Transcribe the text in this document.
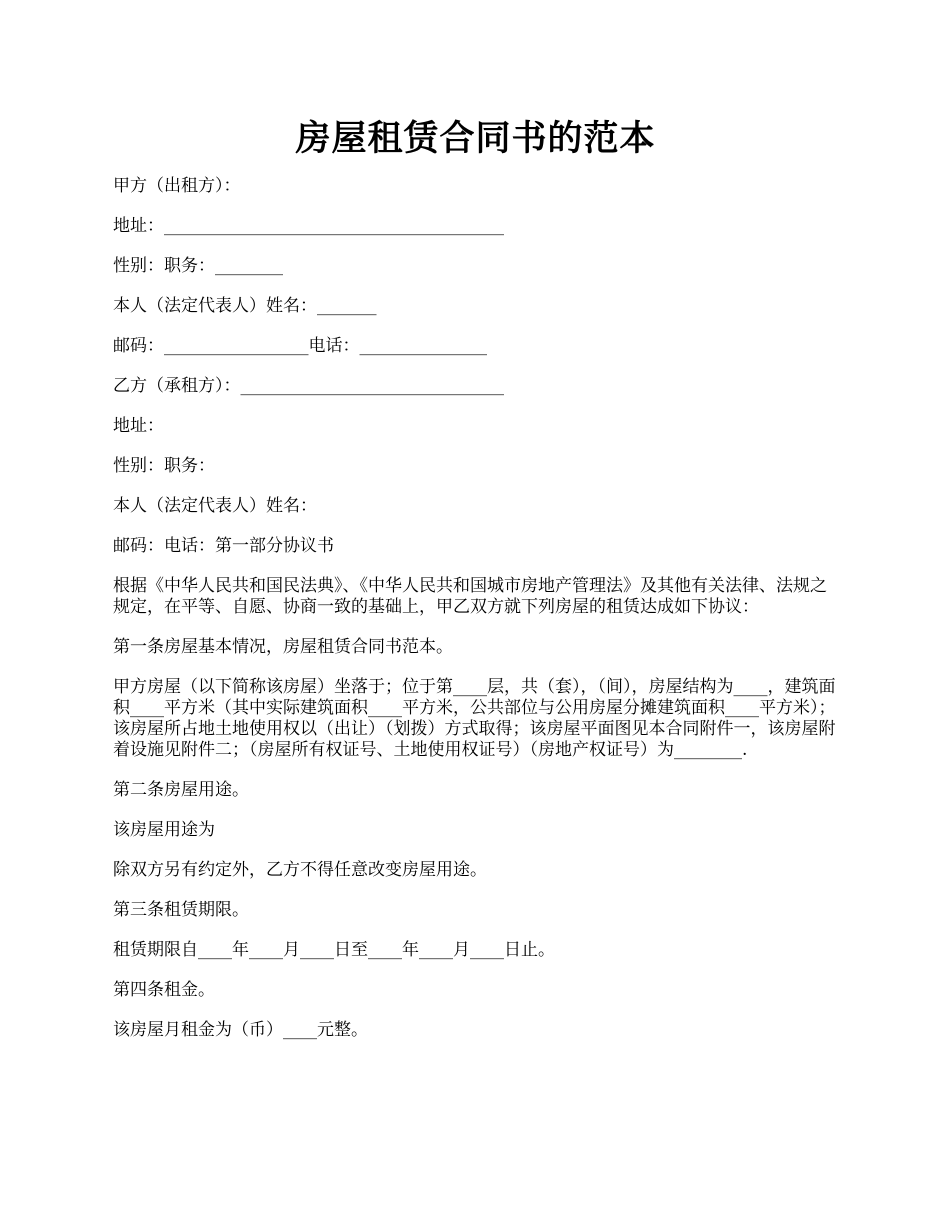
房屋租赁合同书的范本

甲方（出租方）：

地址：________________________________________

性别：职务：________

本人（法定代表人）姓名：_______

邮码：_________________电话：_______________

乙方（承租方）：_______________________________

地址：

性别：职务：

本人（法定代表人）姓名：

邮码：电话：第一部分协议书

根据《中华人民共和国民法典》、《中华人民共和国城市房地产管理法》及其他有关法律、法规之规定，在平等、自愿、协商一致的基础上，甲乙双方就下列房屋的租赁达成如下协议：

第一条房屋基本情况，房屋租赁合同书范本。

甲方房屋（以下简称该房屋）坐落于；位于第____层，共（套），（间），房屋结构为____，建筑面积____平方米（其中实际建筑面积____平方米，公共部位与公用房屋分摊建筑面积____平方米）；该房屋所占地土地使用权以（出让）（划拨）方式取得；该房屋平面图见本合同附件一，该房屋附着设施见附件二；（房屋所有权证号、土地使用权证号）（房地产权证号）为________.

第二条房屋用途。

该房屋用途为

除双方另有约定外，乙方不得任意改变房屋用途。

第三条租赁期限。

租赁期限自____年____月____日至____年____月____日止。

第四条租金。

该房屋月租金为（币）____元整。
